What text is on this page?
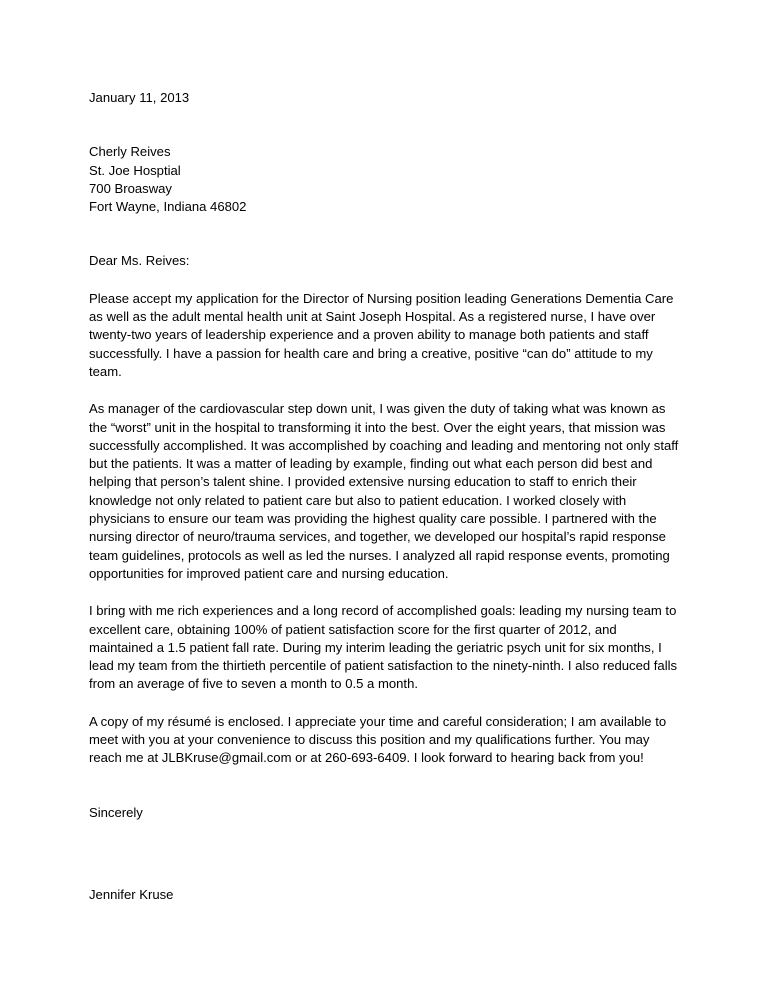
January 11, 2013
Cherly Reives
St. Joe Hosptial
700 Broasway
Fort Wayne, Indiana 46802
Dear Ms. Reives:

Please accept my application for the Director of Nursing position leading Generations Dementia Care as well as the adult mental health unit at Saint Joseph Hospital. As a registered nurse, I have over twenty-two years of leadership experience and a proven ability to manage both patients and staff successfully. I have a passion for health care and bring a creative, positive “can do” attitude to my team.

As manager of the cardiovascular step down unit, I was given the duty of taking what was known as the “worst” unit in the hospital to transforming it into the best. Over the eight years, that mission was successfully accomplished. It was accomplished by coaching and leading and mentoring not only staff but the patients. It was a matter of leading by example, finding out what each person did best and helping that person’s talent shine. I provided extensive nursing education to staff to enrich their knowledge not only related to patient care but also to patient education. I worked closely with physicians to ensure our team was providing the highest quality care possible. I partnered with the nursing director of neuro/trauma services, and together, we developed our hospital’s rapid response team guidelines, protocols as well as led the nurses. I analyzed all rapid response events, promoting opportunities for improved patient care and nursing education.

I bring with me rich experiences and a long record of accomplished goals: leading my nursing team to excellent care, obtaining 100% of patient satisfaction score for the first quarter of 2012, and maintained a 1.5 patient fall rate. During my interim leading the geriatric psych unit for six months, I lead my team from the thirtieth percentile of patient satisfaction to the ninety-ninth. I also reduced falls from an average of five to seven a month to 0.5 a month.

A copy of my résumé is enclosed. I appreciate your time and careful consideration; I am available to meet with you at your convenience to discuss this position and my qualifications further. You may reach me at JLBKruse@gmail.com or at 260-693-6409. I look forward to hearing back from you!

Sincerely
Jennifer Kruse
